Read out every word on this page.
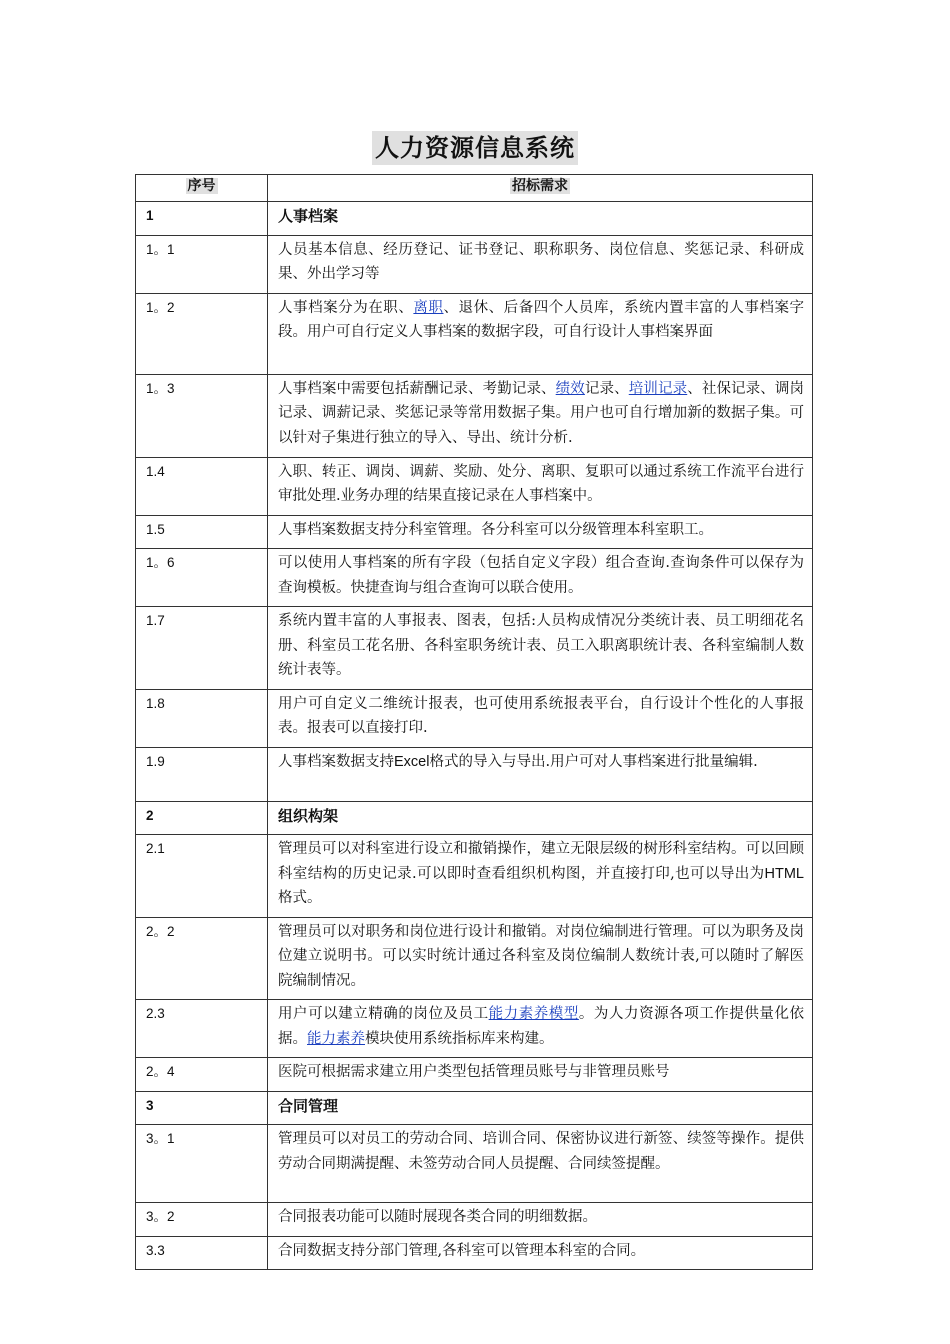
人力资源信息系统
序号	招标需求
1	人事档案
1。1	人员基本信息、经历登记、证书登记、职称职务、岗位信息、奖惩记录、科研成果、外出学习等
1。2	人事档案分为在职、离职、退休、后备四个人员库，系统内置丰富的人事档案字段。用户可自行定义人事档案的数据字段，可自行设计人事档案界面
1。3	人事档案中需要包括薪酬记录、考勤记录、绩效记录、培训记录、社保记录、调岗记录、调薪记录、奖惩记录等常用数据子集。用户也可自行增加新的数据子集。可以针对子集进行独立的导入、导出、统计分析.
1.4	入职、转正、调岗、调薪、奖励、处分、离职、复职可以通过系统工作流平台进行审批处理.业务办理的结果直接记录在人事档案中。
1.5	人事档案数据支持分科室管理。各分科室可以分级管理本科室职工。
1。6	可以使用人事档案的所有字段（包括自定义字段）组合查询.查询条件可以保存为查询模板。快捷查询与组合查询可以联合使用。
1.7	系统内置丰富的人事报表、图表，包括:人员构成情况分类统计表、员工明细花名册、科室员工花名册、各科室职务统计表、员工入职离职统计表、各科室编制人数统计表等。
1.8	用户可自定义二维统计报表，也可使用系统报表平台，自行设计个性化的人事报表。报表可以直接打印.
1.9	人事档案数据支持Excel格式的导入与导出.用户可对人事档案进行批量编辑.
2	组织构架
2.1	管理员可以对科室进行设立和撤销操作，建立无限层级的树形科室结构。可以回顾科室结构的历史记录.可以即时查看组织机构图，并直接打印,也可以导出为HTML格式。
2。2	管理员可以对职务和岗位进行设计和撤销。对岗位编制进行管理。可以为职务及岗位建立说明书。可以实时统计通过各科室及岗位编制人数统计表,可以随时了解医院编制情况。
2.3	用户可以建立精确的岗位及员工能力素养模型。为人力资源各项工作提供量化依据。能力素养模块使用系统指标库来构建。
2。4	医院可根据需求建立用户类型包括管理员账号与非管理员账号
3	合同管理
3。1	管理员可以对员工的劳动合同、培训合同、保密协议进行新签、续签等操作。提供劳动合同期满提醒、未签劳动合同人员提醒、合同续签提醒。
3。2	合同报表功能可以随时展现各类合同的明细数据。
3.3	合同数据支持分部门管理,各科室可以管理本科室的合同。
